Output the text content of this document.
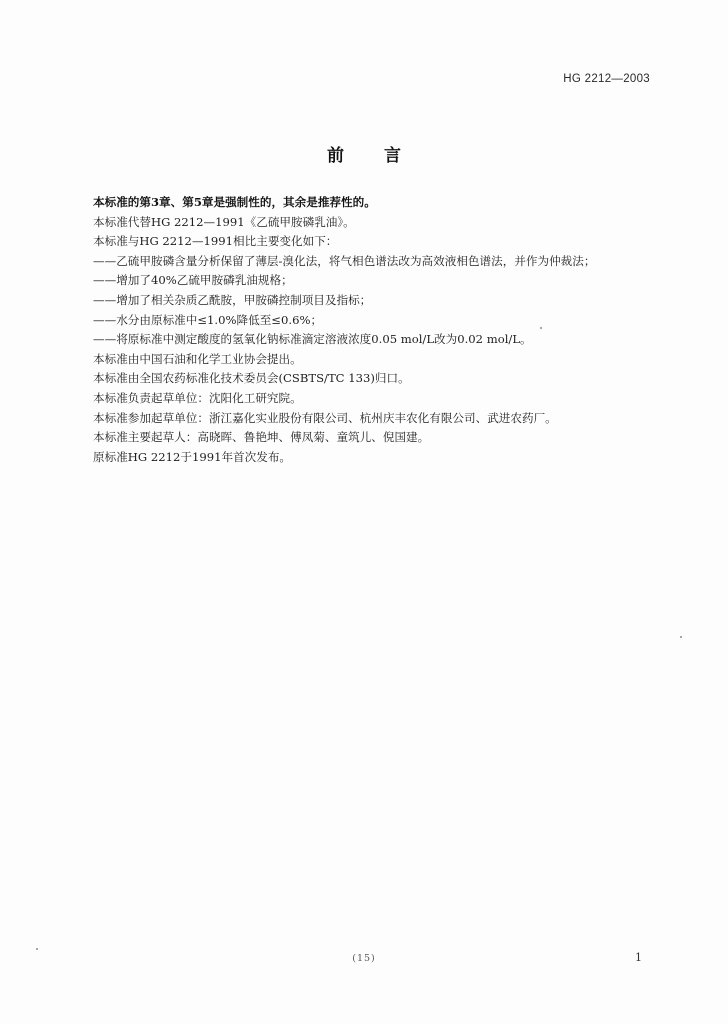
HG 2212—2003
前言
本标准的第3章、第5章是强制性的，其余是推荐性的。
本标准代替HG 2212—1991《乙硫甲胺磷乳油》。
本标准与HG 2212—1991相比主要变化如下：
——乙硫甲胺磷含量分析保留了薄层-溴化法，将气相色谱法改为高效液相色谱法，并作为仲裁法；
——增加了40%乙硫甲胺磷乳油规格；
——增加了相关杂质乙酰胺，甲胺磷控制项目及指标；
——水分由原标准中≤1.0%降低至≤0.6%；
——将原标准中测定酸度的氢氧化钠标准滴定溶液浓度0.05 mol/L改为0.02 mol/L。
本标准由中国石油和化学工业协会提出。
本标准由全国农药标准化技术委员会(CSBTS/TC 133)归口。
本标准负责起草单位：沈阳化工研究院。
本标准参加起草单位：浙江嘉化实业股份有限公司、杭州庆丰农化有限公司、武进农药厂。
本标准主要起草人：高晓晖、鲁艳坤、傅凤菊、童筑儿、倪国建。
原标准HG 2212于1991年首次发布。
(15)	1
